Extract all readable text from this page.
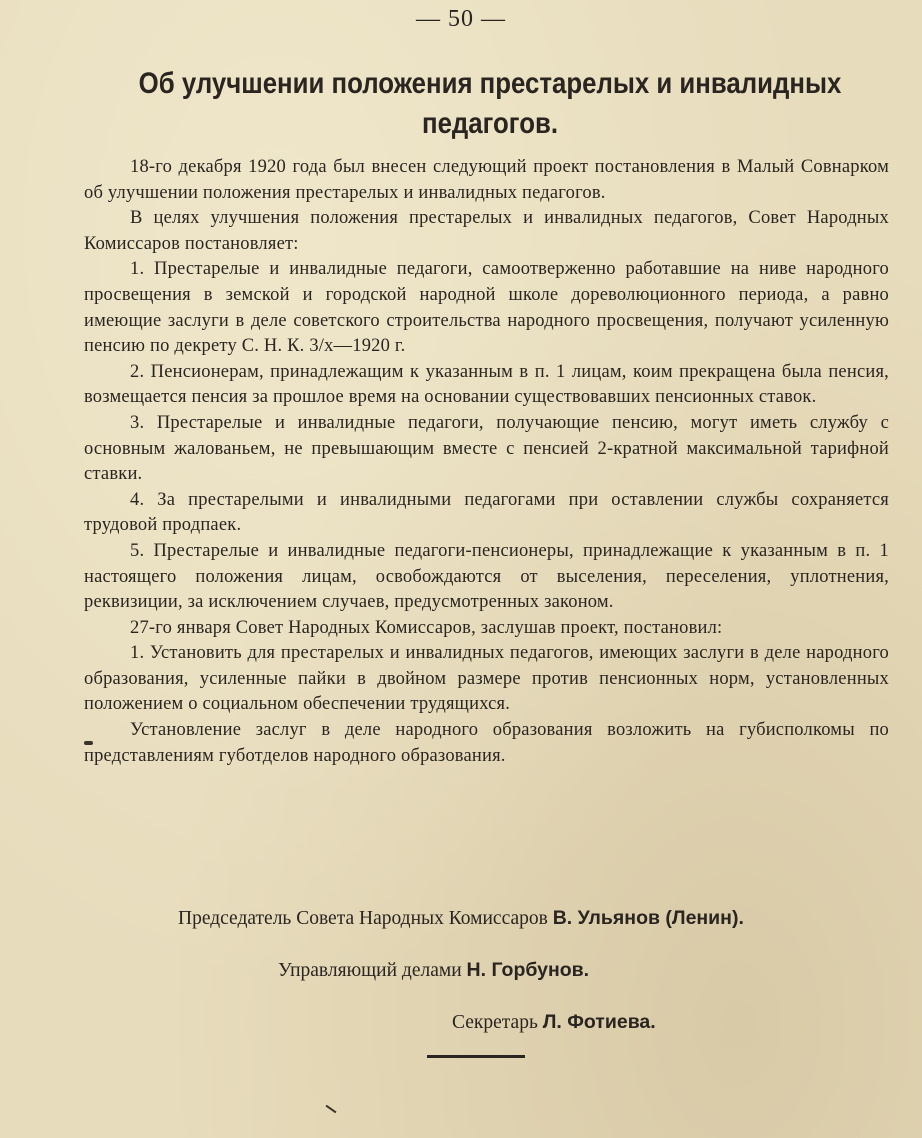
— 50 —
Об улучшении положения престарелых и инвалидных
педагогов.

18-го декабря 1920 года был внесен следующий проект постановления в Малый Совнарком об улучшении положения престарелых и инвалидных педагогов.

В целях улучшения положения престарелых и инвалидных педагогов, Совет Народных Комиссаров постановляет:

1. Престарелые и инвалидные педагоги, самоотверженно работавшие на ниве народного просвещения в земской и городской народной школе дореволюционного периода, а равно имеющие заслуги в деле советского строительства народного просвещения, получают усиленную пенсию по декрету С. Н. К. 3/х—1920 г.

2. Пенсионерам, принадлежащим к указанным в п. 1 лицам, коим прекращена была пенсия, возмещается пенсия за прошлое время на основании существовавших пенсионных ставок.

3. Престарелые и инвалидные педагоги, получающие пенсию, могут иметь службу с основным жалованьем, не превышающим вместе с пенсией 2-кратной максимальной тарифной ставки.

4. За престарелыми и инвалидными педагогами при оставлении службы сохраняется трудовой продпаек.

5. Престарелые и инвалидные педагоги-пенсионеры, принадлежащие к указанным в п. 1 настоящего положения лицам, освобождаются от выселения, переселения, уплотнения, реквизиции, за исключением случаев, предусмотренных законом.

27-го января Совет Народных Комиссаров, заслушав проект, постановил:

1. Установить для престарелых и инвалидных педагогов, имеющих заслуги в деле народного образования, усиленные пайки в двойном размере против пенсионных норм, установленных положением о социальном обеспечении трудящихся.

Установление заслуг в деле народного образования возложить на губисполкомы по представлениям губотделов народного образования.

Председатель Совета Народных Комиссаров В. Ульянов (Ленин).
Управляющий делами Н. Горбунов.
Секретарь Л. Фотиева.
